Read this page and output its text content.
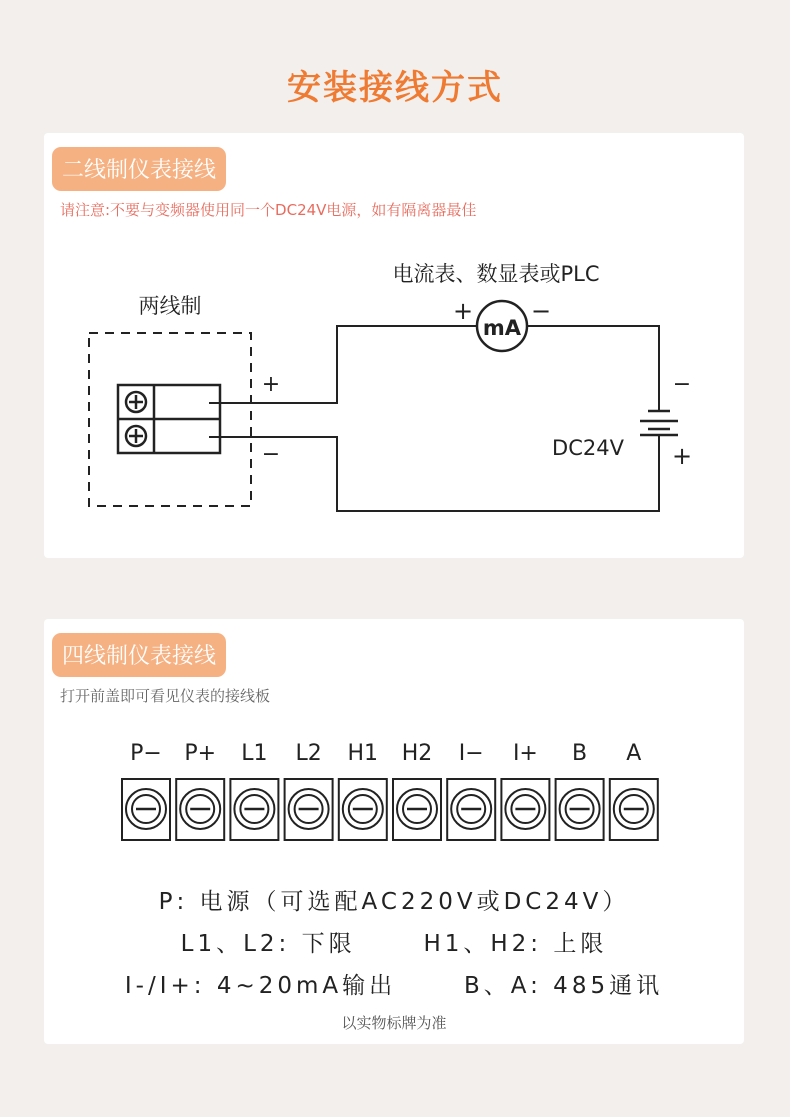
安装接线方式
二线制仪表接线
请注意:不要与变频器使用同一个DC24V电源，如有隔离器最佳
两线制
电流表、数显表或PLC
+
−
mA
+ −
−
+
DC24V
四线制仪表接线
打开前盖即可看见仪表的接线板
P− P+ L1 L2 H1 H2 I− I+ B A
P: 电源（可选配AC220V或DC24V）
L1、L2: 下限      H1、H2: 上限
I-/I+: 4~20mA输出      B、A: 485通讯
以实物标牌为准
